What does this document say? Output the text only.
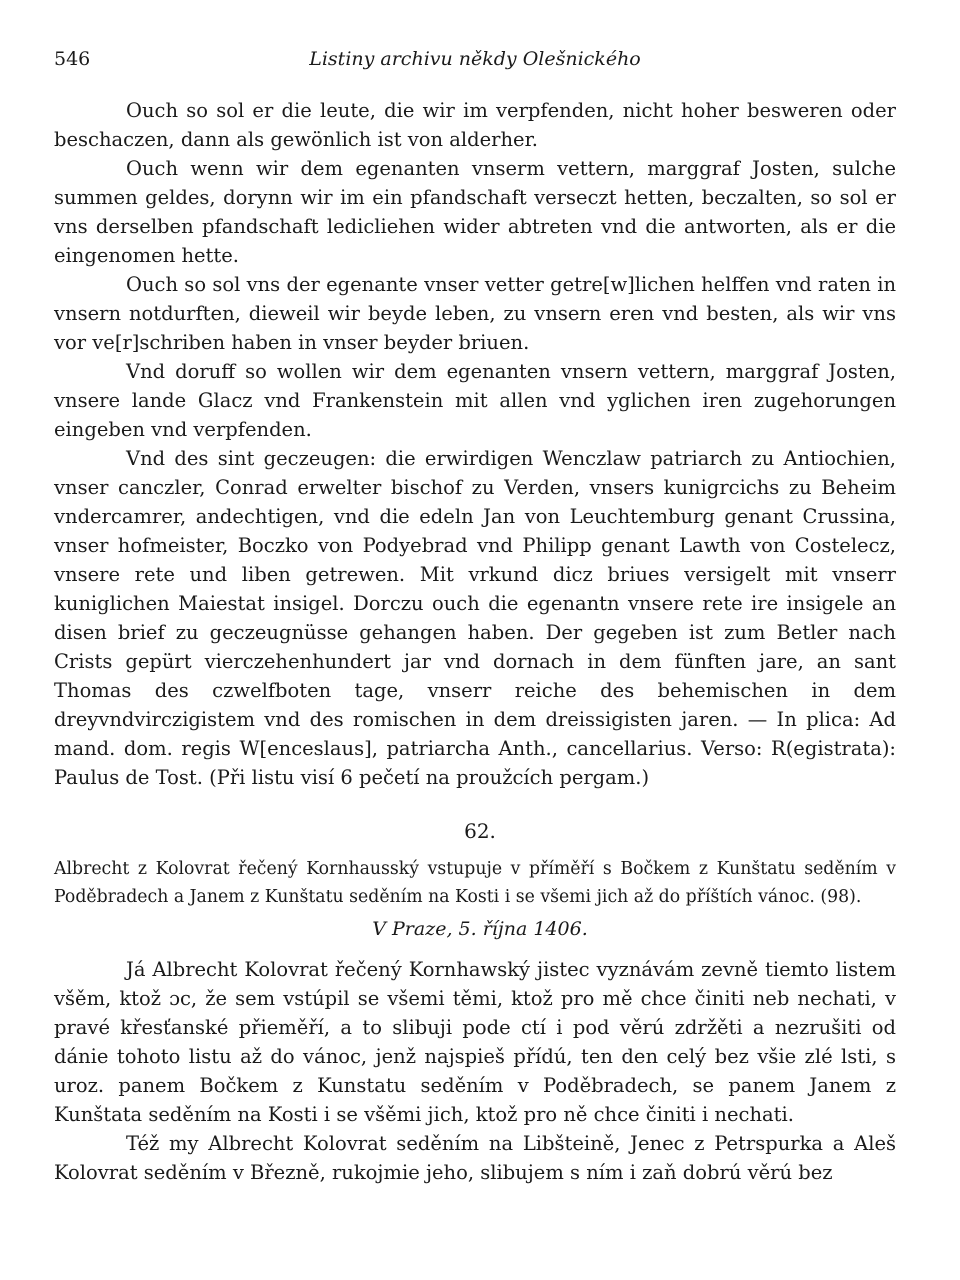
546	Listiny archivu někdy Olešnického

Ouch so sol er die leute, die wir im verpfenden, nicht hoher besweren oder beschaczen, dann als gewönlich ist von alderher.

Ouch wenn wir dem egenanten vnserm vettern, marggraf Josten, sulche summen geldes, dorynn wir im ein pfandschaft verseczt hetten, beczalten, so sol er vns derselben pfandschaft ledicliehen wider abtreten vnd die antworten, als er die eingenomen hette.

Ouch so sol vns der egenante vnser vetter getre[w]lichen helffen vnd raten in vnsern notdurften, dieweil wir beyde leben, zu vnsern eren vnd besten, als wir vns vor ve[r]schriben haben in vnser beyder briuen.

Vnd doruff so wollen wir dem egenanten vnsern vettern, marggraf Josten, vnsere lande Glacz vnd Frankenstein mit allen vnd yglichen iren zugehorungen eingeben vnd verpfenden.

Vnd des sint geczeugen: die erwirdigen Wenczlaw patriarch zu Antiochien, vnser canczler, Conrad erwelter bischof zu Verden, vnsers kunigrcichs zu Beheim vndercamrer, andechtigen, vnd die edeln Jan von Leuchtemburg genant Crussina, vnser hofmeister, Boczko von Podyebrad vnd Philipp genant Lawth von Costelecz, vnsere rete und liben getrewen. Mit vrkund dicz briues versigelt mit vnserr kuniglichen Maiestat insigel. Dorczu ouch die egenantn vnsere rete ire insigele an disen brief zu geczeugnüsse gehangen haben. Der gegeben ist zum Betler nach Crists gepürt vierczehenhundert jar vnd dornach in dem fünften jare, an sant Thomas des czwelfboten tage, vnserr reiche des behemischen in dem dreyvndvirczigistem vnd des romischen in dem dreissigisten jaren. — In plica: Ad mand. dom. regis W[enceslaus], patriarcha Anth., cancellarius. Verso: R(egistrata): Paulus de Tost. (Při listu visí 6 pečetí na proužcích pergam.)

62.
Albrecht z Kolovrat řečený Kornhausský vstupuje v příměří s Bočkem z Kunštatu seděním v Poděbradech a Janem z Kunštatu seděním na Kosti i se všemi jich až do příštích vánoc. (98).
V Praze, 5. října 1406.

Já Albrecht Kolovrat řečený Kornhawský jistec vyznávám zevně tiemto listem všěm, ktož ɔc, že sem vstúpil se všemi těmi, ktož pro mě chce činiti neb nechati, v pravé křesťanské přieměří, a to slibuji pode ctí i pod věrú zdržěti a nezrušiti od dánie tohoto listu až do vánoc, jenž najspieš přídú, ten den celý bez všie zlé lsti, s uroz. panem Bočkem z Kunstatu seděním v Poděbradech, se panem Janem z Kunštata seděním na Kosti i se všěmi jich, ktož pro ně chce činiti i nechati.

Též my Albrecht Kolovrat seděním na Libšteině, Jenec z Petrspurka a Aleš Kolovrat seděním v Březně, rukojmie jeho, slibujem s ním i zaň dobrú věrú bez
